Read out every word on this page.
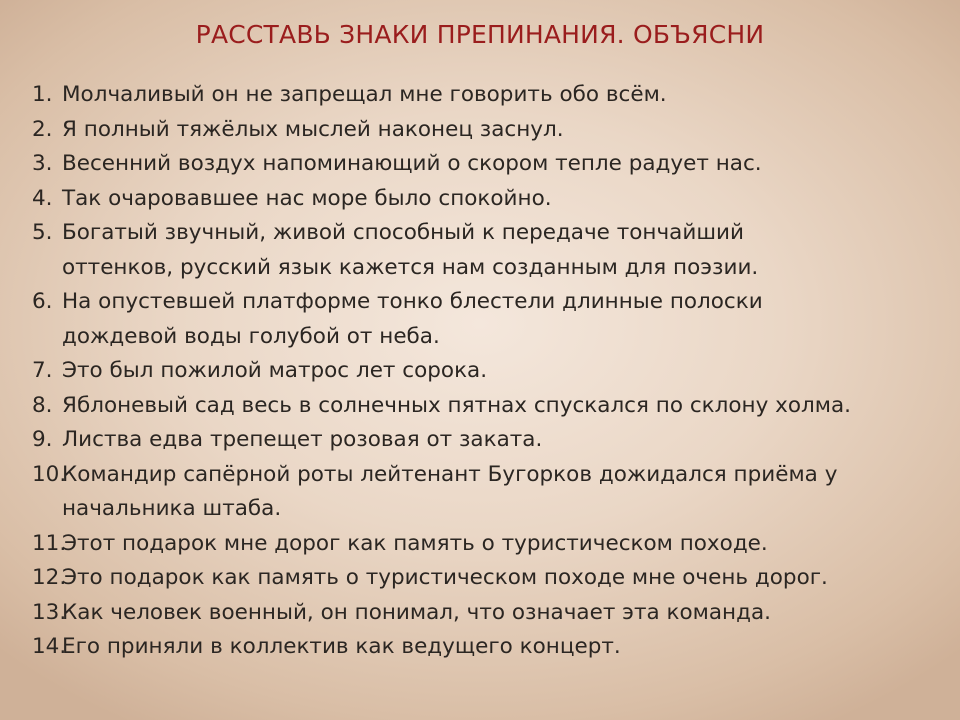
РАССТАВЬ ЗНАКИ ПРЕПИНАНИЯ. ОБЪЯСНИ
1. Молчаливый он не запрещал мне говорить обо всём.
2. Я полный тяжёлых мыслей наконец заснул.
3. Весенний воздух напоминающий о скором тепле радует нас.
4. Так очаровавшее нас море было спокойно.
5. Богатый звучный, живой способный к передаче тончайший
оттенков, русский язык кажется нам созданным для поэзии.
6. На опустевшей платформе тонко блестели длинные полоски
дождевой воды голубой от неба.
7. Это был пожилой матрос лет сорока.
8. Яблоневый сад весь в солнечных пятнах спускался по склону холма.
9. Листва едва трепещет розовая от заката.
10.
Командир сапёрной роты лейтенант Бугорков дожидался приёма у
начальника штаба.
11.
Этот подарок мне дорог как память о туристическом походе.
12.
Это подарок как память о туристическом походе мне очень дорог.
13.
Как человек военный, он понимал, что означает эта команда.
14.
Его приняли в коллектив как ведущего концерт.
